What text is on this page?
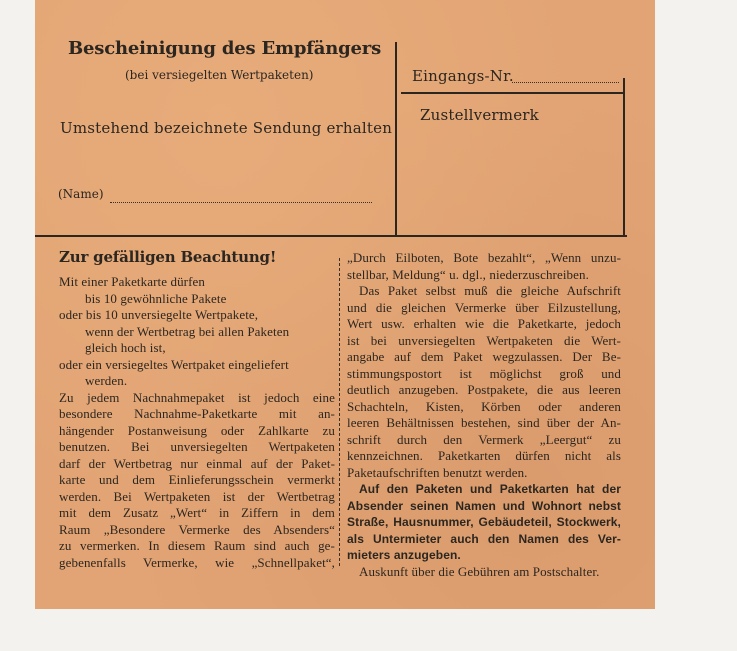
Bescheinigung des Empfängers
(bei versiegelten Wertpaketen)
Umstehend bezeichnete Sendung erhalten
(Name)
Eingangs-Nr.
Zustellvermerk
Zur gefälligen Beachtung!
Mit einer Paketkarte dürfen
bis 10 gewöhnliche Pakete
oder bis 10 unversiegelte Wertpakete,
wenn der Wertbetrag bei allen Paketen
gleich hoch ist,
oder ein versiegeltes Wertpaket eingeliefert
werden.
Zu jedem Nachnahmepaket ist jedoch eine
besondere Nachnahme-Paketkarte mit an-
hängender Postanweisung oder Zahlkarte zu
benutzen. Bei unversiegelten Wertpaketen
darf der Wertbetrag nur einmal auf der Paket-
karte und dem Einlieferungsschein vermerkt
werden. Bei Wertpaketen ist der Wertbetrag
mit dem Zusatz „Wert“ in Ziffern in dem
Raum „Besondere Vermerke des Absenders“
zu vermerken. In diesem Raum sind auch ge-
gebenenfalls Vermerke, wie „Schnellpaket“,
„Durch Eilboten, Bote bezahlt“, „Wenn unzu-
stellbar, Meldung“ u. dgl., niederzuschreiben.
Das Paket selbst muß die gleiche Aufschrift
und die gleichen Vermerke über Eilzustellung,
Wert usw. erhalten wie die Paketkarte, jedoch
ist bei unversiegelten Wertpaketen die Wert-
angabe auf dem Paket wegzulassen. Der Be-
stimmungspostort ist möglichst groß und
deutlich anzugeben. Postpakete, die aus leeren
Schachteln, Kisten, Körben oder anderen
leeren Behältnissen bestehen, sind über der An-
schrift durch den Vermerk „Leergut“ zu
kennzeichnen. Paketkarten dürfen nicht als
Paketaufschriften benutzt werden.
Auf den Paketen und Paketkarten hat der
Absender seinen Namen und Wohnort nebst
Straße, Hausnummer, Gebäudeteil, Stockwerk,
als Untermieter auch den Namen des Ver-
mieters anzugeben.
Auskunft über die Gebühren am Postschalter.
